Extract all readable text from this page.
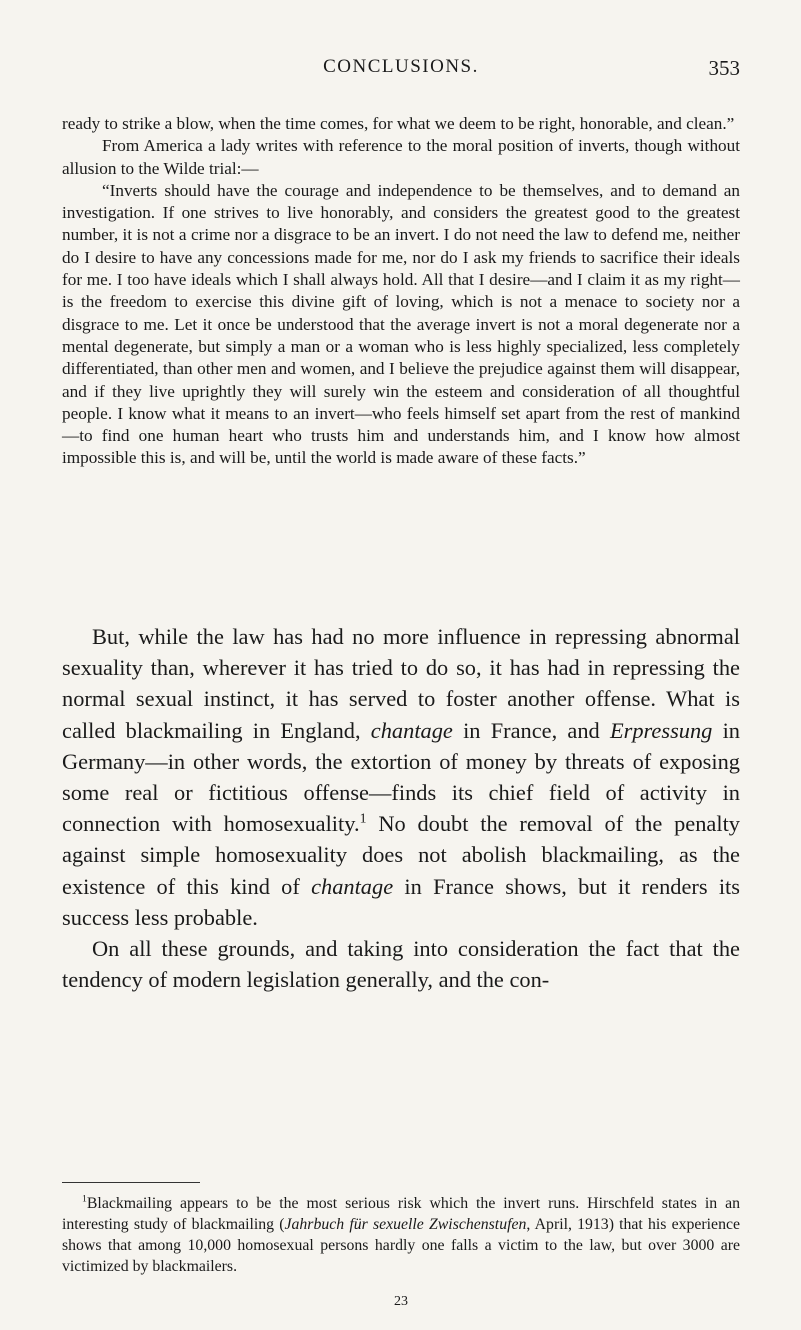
CONCLUSIONS.	353

ready to strike a blow, when the time comes, for what we deem to be right, honorable, and clean.”

From America a lady writes with reference to the moral position of inverts, though without allusion to the Wilde trial:—

“Inverts should have the courage and independence to be themselves, and to demand an investigation. If one strives to live honorably, and considers the greatest good to the greatest number, it is not a crime nor a disgrace to be an invert. I do not need the law to defend me, neither do I desire to have any concessions made for me, nor do I ask my friends to sacrifice their ideals for me. I too have ideals which I shall always hold. All that I desire—and I claim it as my right—is the freedom to exercise this divine gift of loving, which is not a menace to society nor a disgrace to me. Let it once be understood that the average invert is not a moral degenerate nor a mental degenerate, but simply a man or a woman who is less highly specialized, less completely differentiated, than other men and women, and I believe the prejudice against them will disappear, and if they live uprightly they will surely win the esteem and consideration of all thoughtful people. I know what it means to an invert—who feels himself set apart from the rest of mankind—to find one human heart who trusts him and understands him, and I know how almost impossible this is, and will be, until the world is made aware of these facts.”

But, while the law has had no more influence in repressing abnormal sexuality than, wherever it has tried to do so, it has had in repressing the normal sexual instinct, it has served to foster another offense. What is called blackmailing in England, chantage in France, and Erpressung in Germany—in other words, the extortion of money by threats of exposing some real or fictitious offense—finds its chief field of activity in connection with homosexuality.$^1$ No doubt the removal of the penalty against simple homosexuality does not abolish blackmailing, as the existence of this kind of chantage in France shows, but it renders its success less probable.

On all these grounds, and taking into consideration the fact that the tendency of modern legislation generally, and the con-

$^1$Blackmailing appears to be the most serious risk which the invert runs. Hirschfeld states in an interesting study of blackmailing (Jahrbuch für sexuelle Zwischenstufen, April, 1913) that his experience shows that among 10,000 homosexual persons hardly one falls a victim to the law, but over 3000 are victimized by blackmailers.

23
